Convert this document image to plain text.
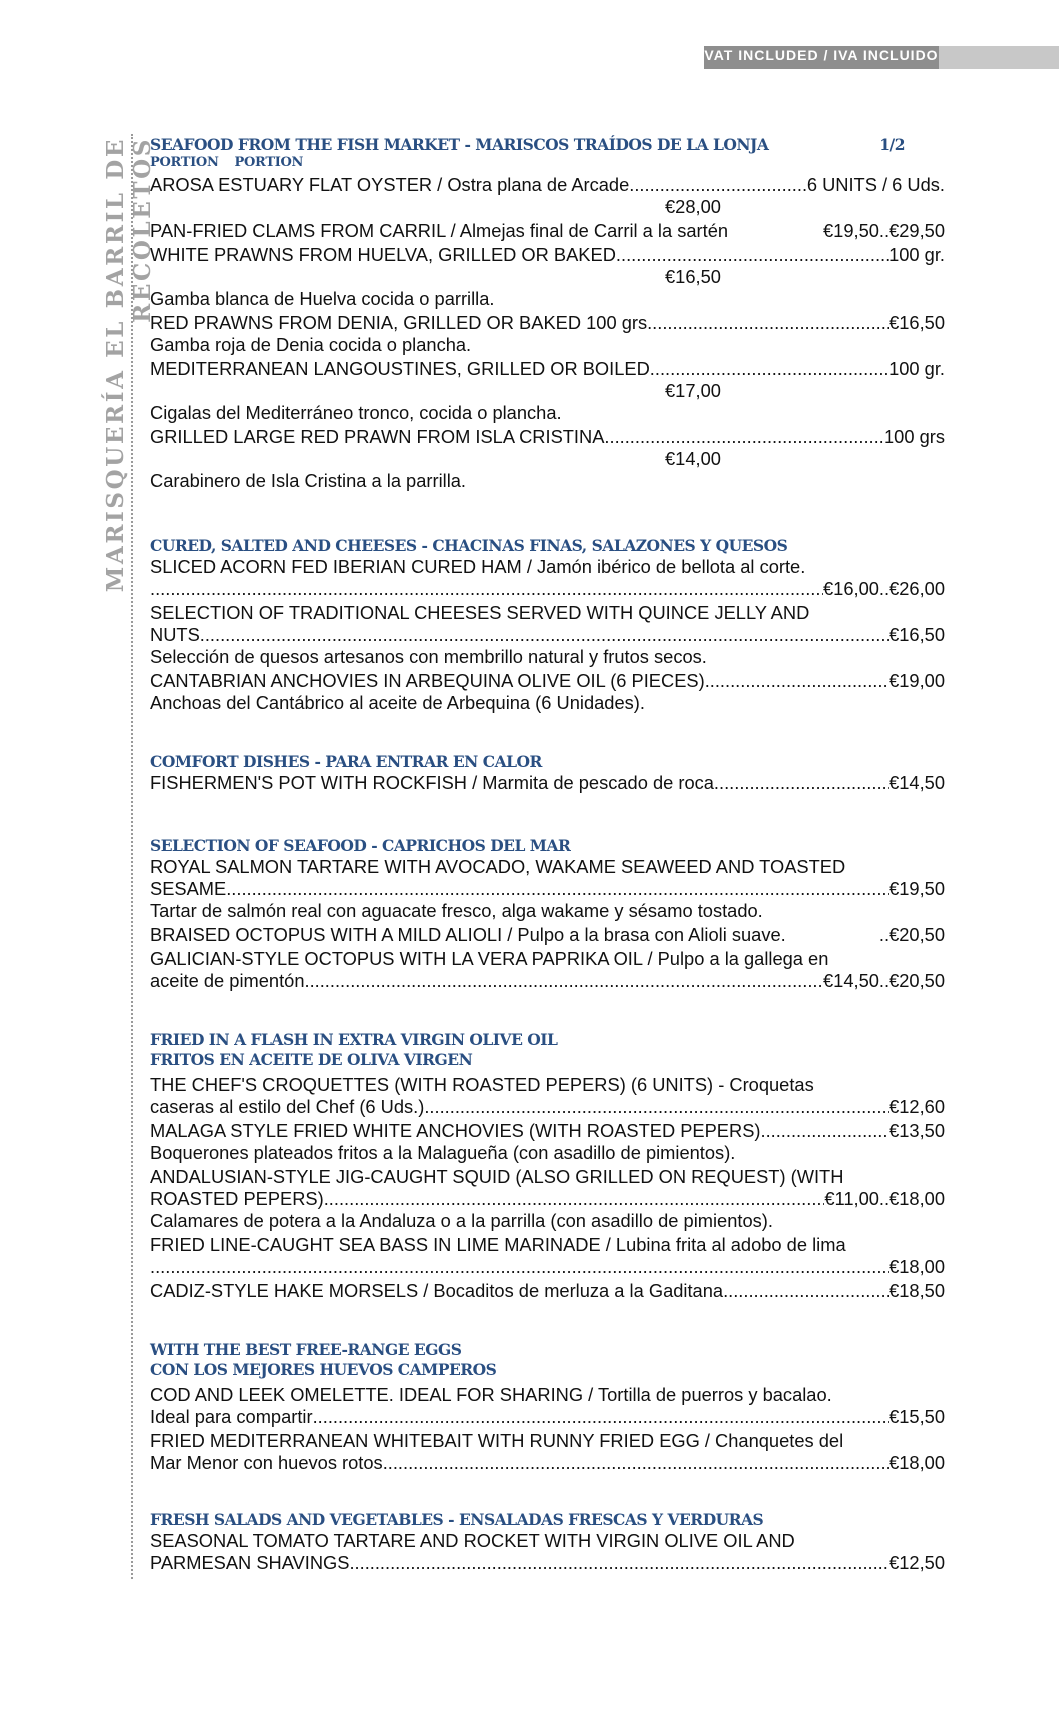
VAT INCLUDED / IVA INCLUIDO
MARISQUERÍA EL BARRIL DE RECOLETOS
SEAFOOD FROM THE FISH MARKET - MARISCOS TRAÍDOS DE LA LONJA	1/2
PORTION PORTION
AROSA ESTUARY FLAT OYSTER / Ostra plana de Arcade .....	6 UNITS / 6 Uds.
€28,00
PAN-FRIED CLAMS FROM CARRIL / Almejas final de Carril a la sartén	€19,50..€29,50
WHITE PRAWNS FROM HUELVA, GRILLED OR BAKED .....	100 gr.
€16,50
Gamba blanca de Huelva cocida o parrilla.
RED PRAWNS FROM DENIA, GRILLED OR BAKED 100 grs .....	€16,50
Gamba roja de Denia cocida o plancha.
MEDITERRANEAN LANGOUSTINES, GRILLED OR BOILED .....	100 gr.
€17,00
Cigalas del Mediterráneo tronco, cocida o plancha.
GRILLED LARGE RED PRAWN FROM ISLA CRISTINA .....	100 grs
€14,00
Carabinero de Isla Cristina a la parrilla.
CURED, SALTED AND CHEESES - CHACINAS FINAS, SALAZONES Y QUESOS
SLICED ACORN FED IBERIAN CURED HAM / Jamón ibérico de bellota al corte.
.....
€16,00..€26,00
SELECTION OF TRADITIONAL CHEESES SERVED WITH QUINCE JELLY AND
NUTS .....	€16,50
Selección de quesos artesanos con membrillo natural y frutos secos.
CANTABRIAN ANCHOVIES IN ARBEQUINA OLIVE OIL (6 PIECES) .....	€19,00
Anchoas del Cantábrico al aceite de Arbequina (6 Unidades).
COMFORT DISHES - PARA ENTRAR EN CALOR
FISHERMEN'S POT WITH ROCKFISH / Marmita de pescado de roca .....	€14,50
SELECTION OF SEAFOOD - CAPRICHOS DEL MAR
ROYAL SALMON TARTARE WITH AVOCADO, WAKAME SEAWEED AND TOASTED
SESAME .....	€19,50
Tartar de salmón real con aguacate fresco, alga wakame y sésamo tostado.
BRAISED OCTOPUS WITH A MILD ALIOLI / Pulpo a la brasa con Alioli suave.	..€20,50
GALICIAN-STYLE OCTOPUS WITH LA VERA PAPRIKA OIL / Pulpo a la gallega en
aceite de pimentón .....	€14,50..€20,50
FRIED IN A FLASH IN EXTRA VIRGIN OLIVE OIL
FRITOS EN ACEITE DE OLIVA VIRGEN
THE CHEF'S CROQUETTES (WITH ROASTED PEPERS) (6 UNITS) - Croquetas
caseras al estilo del Chef (6 Uds.) .....	€12,60
MALAGA STYLE FRIED WHITE ANCHOVIES (WITH ROASTED PEPERS) .....	€13,50
Boquerones plateados fritos a la Malagueña (con asadillo de pimientos).
ANDALUSIAN-STYLE JIG-CAUGHT SQUID (ALSO GRILLED ON REQUEST) (WITH
ROASTED PEPERS) .....	€11,00..€18,00
Calamares de potera a la Andaluza o a la parrilla (con asadillo de pimientos).
FRIED LINE-CAUGHT SEA BASS IN LIME MARINADE / Lubina frita al adobo de lima
.....
€18,00
CADIZ-STYLE HAKE MORSELS / Bocaditos de merluza a la Gaditana .....	€18,50
WITH THE BEST FREE-RANGE EGGS
CON LOS MEJORES HUEVOS CAMPEROS
COD AND LEEK OMELETTE. IDEAL FOR SHARING / Tortilla de puerros y bacalao.
Ideal para compartir .....	€15,50
FRIED MEDITERRANEAN WHITEBAIT WITH RUNNY FRIED EGG / Chanquetes del
Mar Menor con huevos rotos .....	€18,00
FRESH SALADS AND VEGETABLES - ENSALADAS FRESCAS Y VERDURAS
SEASONAL TOMATO TARTARE AND ROCKET WITH VIRGIN OLIVE OIL AND
PARMESAN SHAVINGS .....	€12,50
